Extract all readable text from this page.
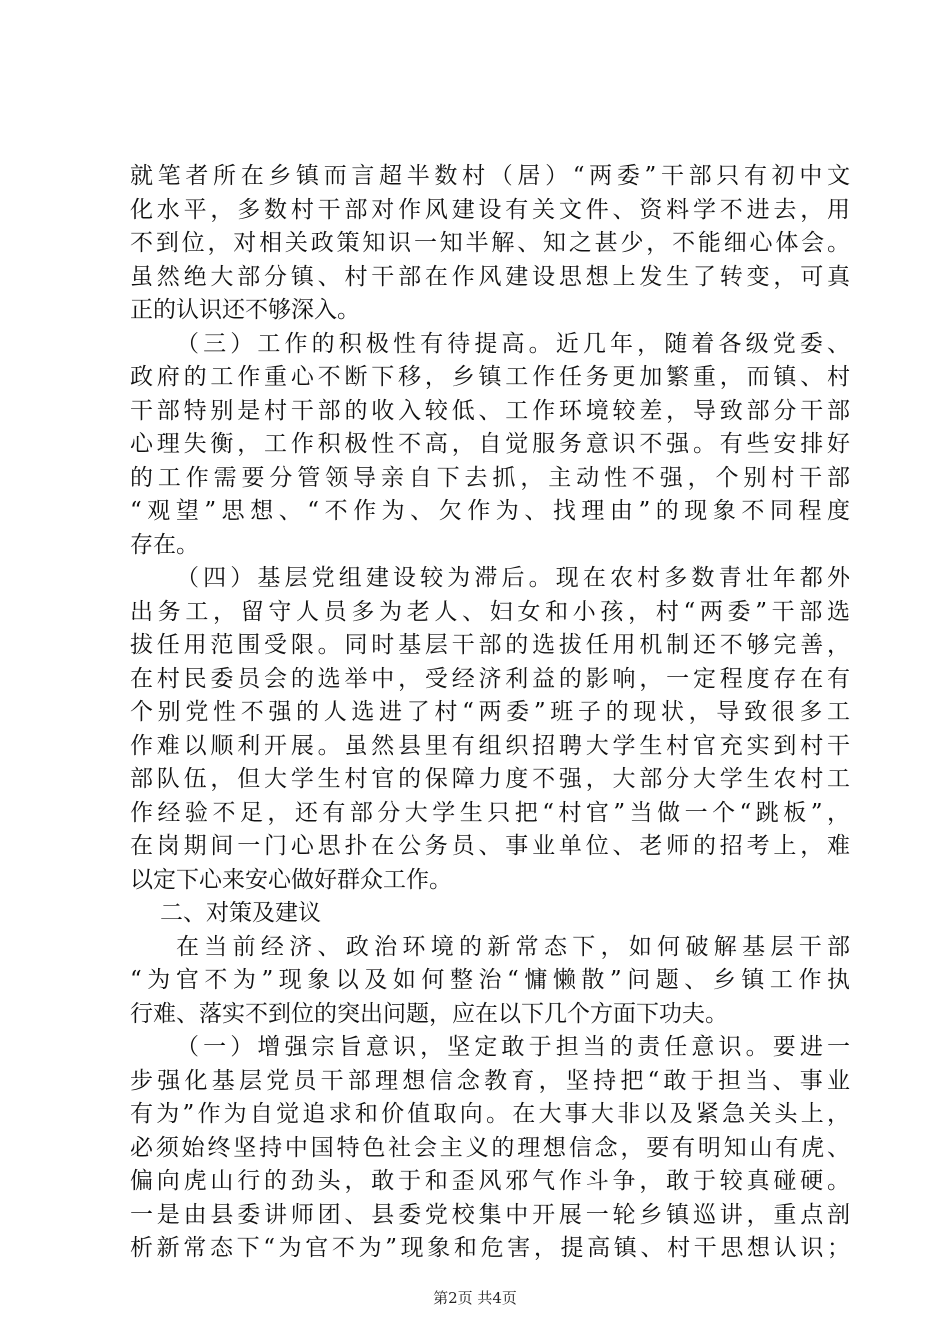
就笔者所在乡镇而言超半数村（居）“两委”干部只有初中文
化水平，多数村干部对作风建设有关文件、资料学不进去，用
不到位，对相关政策知识一知半解、知之甚少，不能细心体会。
虽然绝大部分镇、村干部在作风建设思想上发生了转变，可真
正的认识还不够深入。
（三）工作的积极性有待提高。近几年，随着各级党委、
政府的工作重心不断下移，乡镇工作任务更加繁重，而镇、村
干部特别是村干部的收入较低、工作环境较差，导致部分干部
心理失衡，工作积极性不高，自觉服务意识不强。有些安排好
的工作需要分管领导亲自下去抓，主动性不强，个别村干部
“观望”思想、“不作为、欠作为、找理由”的现象不同程度
存在。
（四）基层党组建设较为滞后。现在农村多数青壮年都外
出务工，留守人员多为老人、妇女和小孩，村“两委”干部选
拔任用范围受限。同时基层干部的选拔任用机制还不够完善，
在村民委员会的选举中，受经济利益的影响，一定程度存在有
个别党性不强的人选进了村“两委”班子的现状，导致很多工
作难以顺利开展。虽然县里有组织招聘大学生村官充实到村干
部队伍，但大学生村官的保障力度不强，大部分大学生农村工
作经验不足，还有部分大学生只把“村官”当做一个“跳板”，
在岗期间一门心思扑在公务员、事业单位、老师的招考上，难
以定下心来安心做好群众工作。
二、对策及建议
在当前经济、政治环境的新常态下，如何破解基层干部
“为官不为”现象以及如何整治“慵懒散”问题、乡镇工作执
行难、落实不到位的突出问题，应在以下几个方面下功夫。
（一）增强宗旨意识，坚定敢于担当的责任意识。要进一
步强化基层党员干部理想信念教育，坚持把“敢于担当、事业
有为”作为自觉追求和价值取向。在大事大非以及紧急关头上，
必须始终坚持中国特色社会主义的理想信念，要有明知山有虎、
偏向虎山行的劲头，敢于和歪风邪气作斗争，敢于较真碰硬。
一是由县委讲师团、县委党校集中开展一轮乡镇巡讲，重点剖
析新常态下“为官不为”现象和危害，提高镇、村干思想认识；
第2页 共4页
